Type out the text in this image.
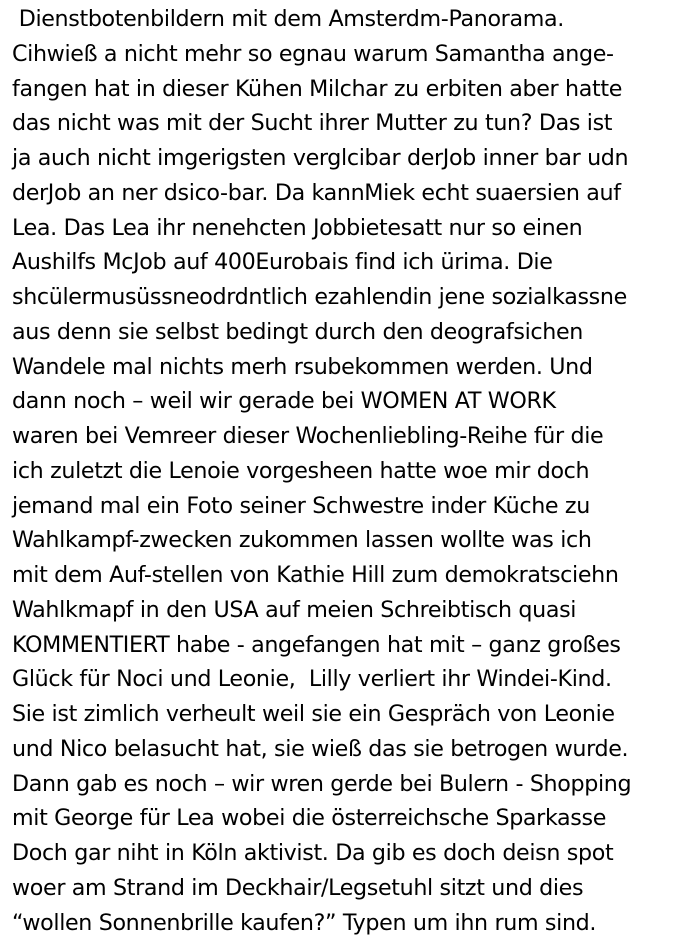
Dienstbotenbildern mit dem Amsterdm-Panorama.
Cihwieß a nicht mehr so egnau warum Samantha ange-
fangen hat in dieser Kühen Milchar zu erbiten aber hatte
das nicht was mit der Sucht ihrer Mutter zu tun? Das ist
ja auch nicht imgerigsten verglcibar derJob inner bar udn
derJob an ner dsico-bar. Da kannMiek echt suaersien auf
Lea. Das Lea ihr nenehcten Jobbietesatt nur so einen
Aushilfs McJob auf 400Eurobais find ich ürima. Die
shcülermusüssneodrdntlich ezahlendin jene sozialkassne
aus denn sie selbst bedingt durch den deografsichen
Wandele mal nichts merh rsubekommen werden. Und
dann noch – weil wir gerade bei WOMEN AT WORK
waren bei Vemreer dieser Wochenliebling-Reihe für die
ich zuletzt die Lenoie vorgesheen hatte woe mir doch
jemand mal ein Foto seiner Schwestre inder Küche zu
Wahlkampf-zwecken zukommen lassen wollte was ich
mit dem Auf-stellen von Kathie Hill zum demokratsciehn
Wahlkmapf in den USA auf meien Schreibtisch quasi
KOMMENTIERT habe - angefangen hat mit – ganz großes
Glück für Noci und Leonie,  Lilly verliert ihr Windei-Kind.
Sie ist zimlich verheult weil sie ein Gespräch von Leonie
und Nico belasucht hat, sie wieß das sie betrogen wurde.
Dann gab es noch – wir wren gerde bei Bulern - Shopping
mit George für Lea wobei die österreichsche Sparkasse
Doch gar niht in Köln aktivist. Da gib es doch deisn spot
woer am Strand im Deckhair/Legsetuhl sitzt und dies
“wollen Sonnenbrille kaufen?” Typen um ihn rum sind.
